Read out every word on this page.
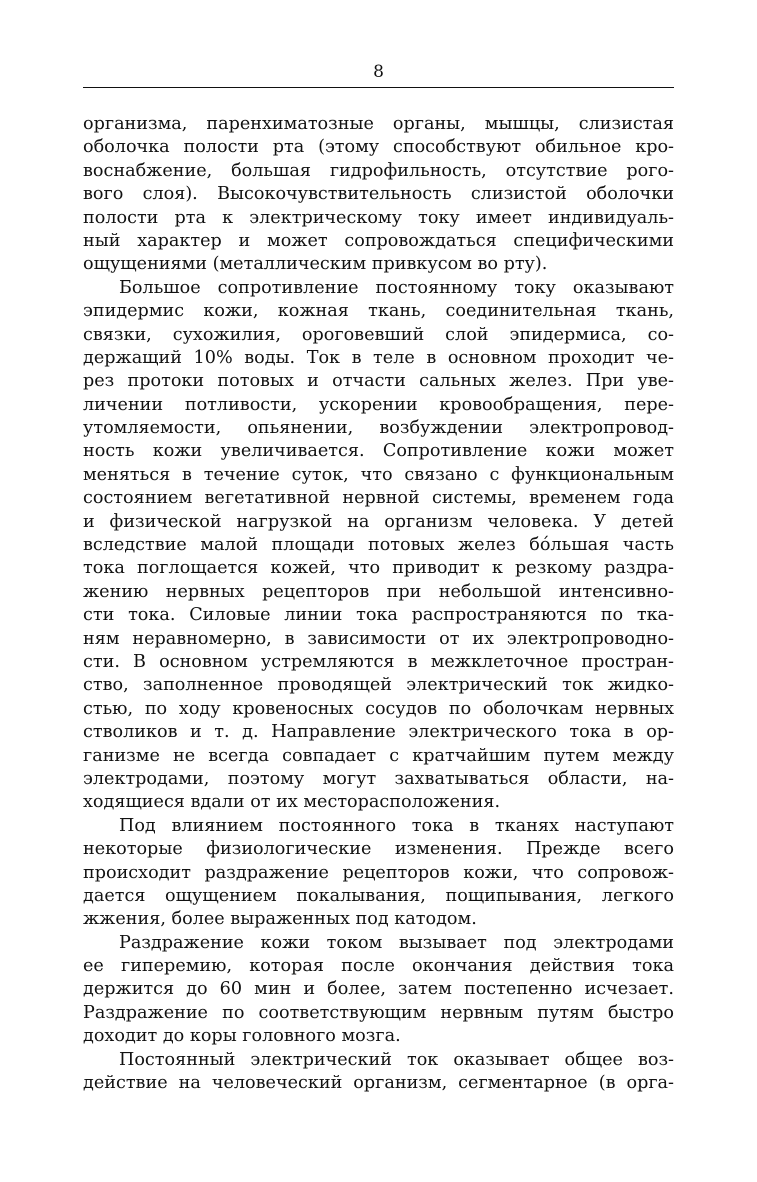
8
организма, паренхиматозные органы, мышцы, слизистая
оболочка полости рта (этому способствуют обильное кро-
воснабжение, большая гидрофильность, отсутствие рого-
вого слоя). Высокочувствительность слизистой оболочки
полости рта к электрическому току имеет индивидуаль-
ный характер и может сопровождаться специфическими
ощущениями (металлическим привкусом во рту).
Большое сопротивление постоянному току оказывают
эпидермис кожи, кожная ткань, соединительная ткань,
связки, сухожилия, ороговевший слой эпидермиса, со-
держащий 10% воды. Ток в теле в основном проходит че-
рез протоки потовых и отчасти сальных желез. При уве-
личении потливости, ускорении кровообращения, пере-
утомляемости, опьянении, возбуждении электропровод-
ность кожи увеличивается. Сопротивление кожи может
меняться в течение суток, что связано с функциональным
состоянием вегетативной нервной системы, временем года
и физической нагрузкой на организм человека. У детей
вследствие малой площади потовых желез бóльшая часть
тока поглощается кожей, что приводит к резкому раздра-
жению нервных рецепторов при небольшой интенсивно-
сти тока. Силовые линии тока распространяются по тка-
ням неравномерно, в зависимости от их электропроводно-
сти. В основном устремляются в межклеточное простран-
ство, заполненное проводящей электрический ток жидко-
стью, по ходу кровеносных сосудов по оболочкам нервных
стволиков и т. д. Направление электрического тока в ор-
ганизме не всегда совпадает с кратчайшим путем между
электродами, поэтому могут захватываться области, на-
ходящиеся вдали от их месторасположения.
Под влиянием постоянного тока в тканях наступают
некоторые физиологические изменения. Прежде всего
происходит раздражение рецепторов кожи, что сопровож-
дается ощущением покалывания, пощипывания, легкого
жжения, более выраженных под катодом.
Раздражение кожи током вызывает под электродами
ее гиперемию, которая после окончания действия тока
держится до 60 мин и более, затем постепенно исчезает.
Раздражение по соответствующим нервным путям быстро
доходит до коры головного мозга.
Постоянный электрический ток оказывает общее воз-
действие на человеческий организм, сегментарное (в орга-
